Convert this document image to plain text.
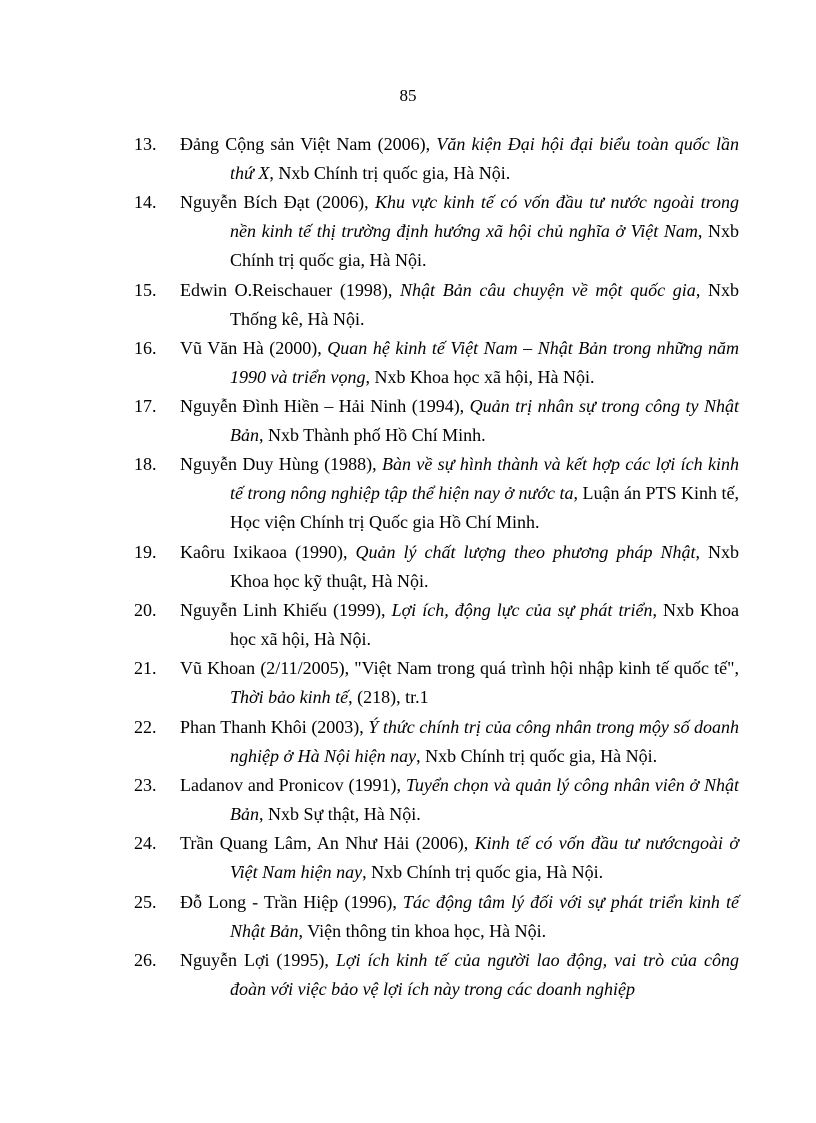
85
13. Đảng Cộng sản Việt Nam (2006), Văn kiện Đại hội đại biểu toàn quốc lần thứ X, Nxb Chính trị quốc gia, Hà Nội.
14. Nguyễn Bích Đạt (2006), Khu vực kinh tế có vốn đầu tư nước ngoài trong nền kinh tế thị trường định hướng xã hội chủ nghĩa ở Việt Nam, Nxb Chính trị quốc gia, Hà Nội.
15. Edwin O.Reischauer (1998), Nhật Bản câu chuyện về một quốc gia, Nxb Thống kê, Hà Nội.
16. Vũ Văn Hà (2000), Quan hệ kinh tế Việt Nam – Nhật Bản trong những năm 1990 và triển vọng, Nxb Khoa học xã hội, Hà Nội.
17. Nguyễn Đình Hiền – Hải Ninh (1994), Quản trị nhân sự trong công ty Nhật Bản, Nxb Thành phố Hồ Chí Minh.
18. Nguyễn Duy Hùng (1988), Bàn về sự hình thành và kết hợp các lợi ích kinh tế trong nông nghiệp tập thể hiện nay ở nước ta, Luận án PTS Kinh tế, Học viện Chính trị Quốc gia Hồ Chí Minh.
19. Kaôru Ixikaoa (1990), Quản lý chất lượng theo phương pháp Nhật, Nxb Khoa học kỹ thuật, Hà Nội.
20. Nguyễn Linh Khiếu (1999), Lợi ích, động lực của sự phát triển, Nxb Khoa học xã hội, Hà Nội.
21. Vũ Khoan (2/11/2005), "Việt Nam trong quá trình hội nhập kinh tế quốc tế", Thời bảo kinh tế, (218), tr.1
22. Phan Thanh Khôi (2003), Ý thức chính trị của công nhân trong mộy số doanh nghiệp ở Hà Nội hiện nay, Nxb Chính trị quốc gia, Hà Nội.
23. Ladanov and Pronicov (1991), Tuyển chọn và quản lý công nhân viên ở Nhật Bản, Nxb Sự thật, Hà Nội.
24. Trần Quang Lâm, An Như Hải (2006), Kinh tế có vốn đầu tư nướcngoài ở Việt Nam hiện nay, Nxb Chính trị quốc gia, Hà Nội.
25. Đỗ Long - Trần Hiệp (1996), Tác động tâm lý đối với sự phát triển kinh tế Nhật Bản, Viện thông tin khoa học, Hà Nội.
26. Nguyễn Lợi (1995), Lợi ích kinh tế của người lao động, vai trò của công đoàn với việc bảo vệ lợi ích này trong các doanh nghiệp
